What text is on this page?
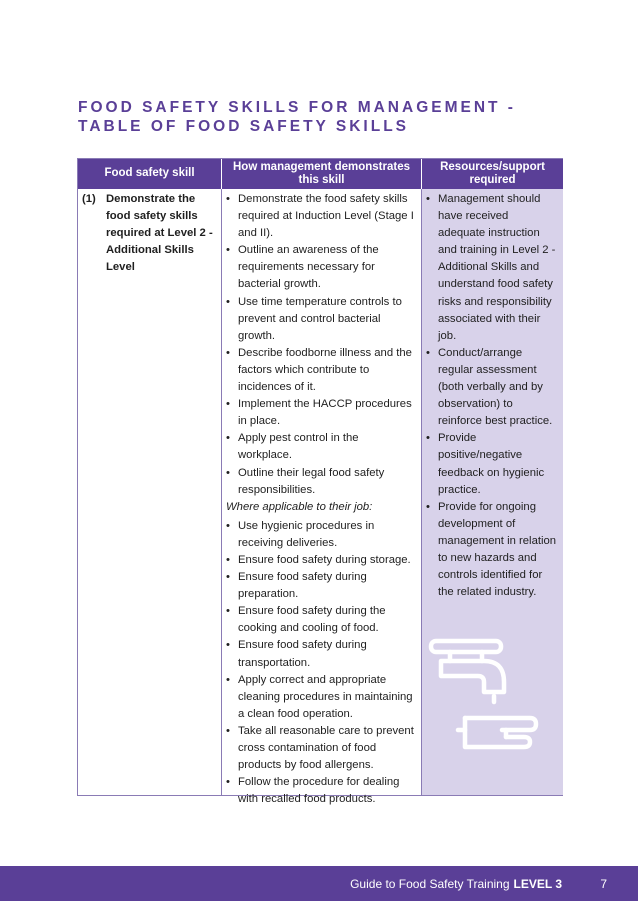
FOOD SAFETY SKILLS FOR MANAGEMENT -
TABLE OF FOOD SAFETY SKILLS
Food safety skill
How management demonstrates this skill
Resources/support required
(1) Demonstrate the food safety skills required at Level 2 - Additional Skills Level
• Demonstrate the food safety skills required at Induction Level (Stage I and II).
• Outline an awareness of the requirements necessary for bacterial growth.
• Use time temperature controls to prevent and control bacterial growth.
• Describe foodborne illness and the factors which contribute to incidences of it.
• Implement the HACCP procedures in place.
• Apply pest control in the workplace.
• Outline their legal food safety responsibilities.
Where applicable to their job:
• Use hygienic procedures in receiving deliveries.
• Ensure food safety during storage.
• Ensure food safety during preparation.
• Ensure food safety during the cooking and cooling of food.
• Ensure food safety during transportation.
• Apply correct and appropriate cleaning procedures in maintaining a clean food operation.
• Take all reasonable care to prevent cross contamination of food products by food allergens.
• Follow the procedure for dealing with recalled food products.
• Management should have received adequate instruction and training in Level 2 - Additional Skills and understand food safety risks and responsibility associated with their job.
• Conduct/arrange regular assessment (both verbally and by observation) to reinforce best practice.
• Provide positive/negative feedback on hygienic practice.
• Provide for ongoing development of management in relation to new hazards and controls identified for the related industry.
Guide to Food Safety Training LEVEL 3	7
